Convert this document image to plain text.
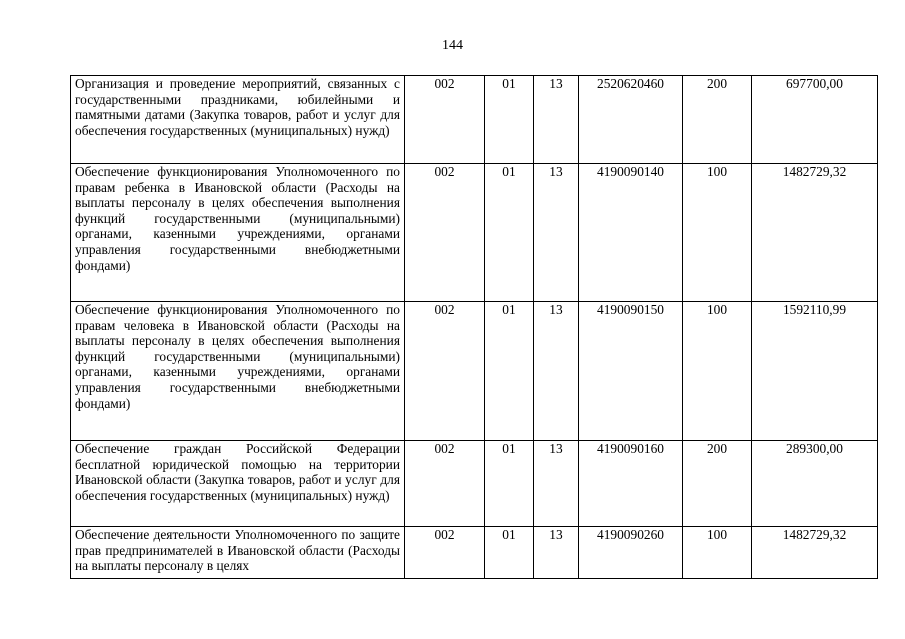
144
Организация и проведение мероприятий, связанных с государственными праздниками, юбилейными и памятными датами (Закупка товаров, работ и услуг для обеспечения государственных (муниципальных) нужд)	002	01	13	2520620460	200	697700,00
Обеспечение функционирования Уполномоченного по правам ребенка в Ивановской области (Расходы на выплаты персоналу в целях обеспечения выполнения функций государственными (муниципальными) органами, казенными учреждениями, органами управления государственными внебюджетными фондами)	002	01	13	4190090140	100	1482729,32
Обеспечение функционирования Уполномоченного по правам человека в Ивановской области (Расходы на выплаты персоналу в целях обеспечения выполнения функций государственными (муниципальными) органами, казенными учреждениями, органами управления государственными внебюджетными фондами)	002	01	13	4190090150	100	1592110,99
Обеспечение граждан Российской Федерации бесплатной юридической помощью на территории Ивановской области (Закупка товаров, работ и услуг для обеспечения государственных (муниципальных) нужд)	002	01	13	4190090160	200	289300,00
Обеспечение деятельности Уполномоченного по защите прав предпринимателей в Ивановской области (Расходы на выплаты персоналу в целях	002	01	13	4190090260	100	1482729,32
